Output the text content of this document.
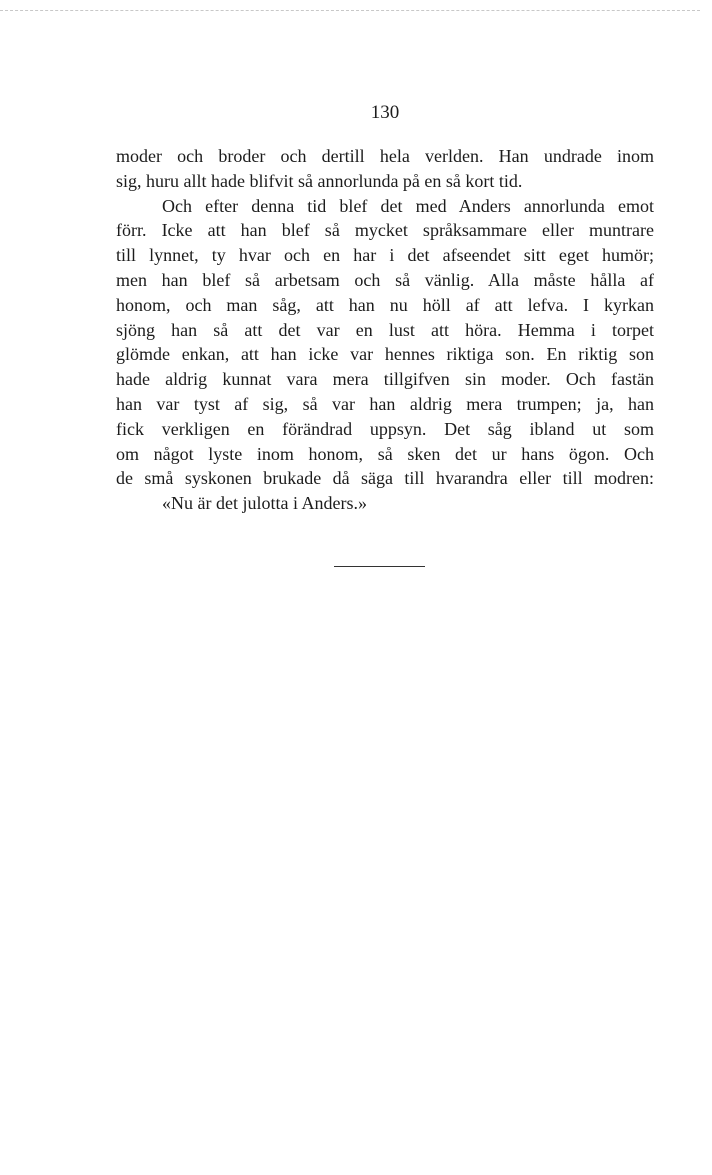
130
moder och broder och dertill hela verlden. Han undrade inom
sig, huru allt hade blifvit så annorlunda på en så kort tid.
Och efter denna tid blef det med Anders annorlunda emot
förr. Icke att han blef så mycket språksammare eller muntrare
till lynnet, ty hvar och en har i det afseendet sitt eget humör;
men han blef så arbetsam och så vänlig. Alla måste hålla af
honom, och man såg, att han nu höll af att lefva. I kyrkan
sjöng han så att det var en lust att höra. Hemma i torpet
glömde enkan, att han icke var hennes riktiga son. En riktig son
hade aldrig kunnat vara mera tillgifven sin moder. Och fastän
han var tyst af sig, så var han aldrig mera trumpen; ja, han
fick verkligen en förändrad uppsyn. Det såg ibland ut som
om något lyste inom honom, så sken det ur hans ögon. Och
de små syskonen brukade då säga till hvarandra eller till modren:
«Nu är det julotta i Anders.»
